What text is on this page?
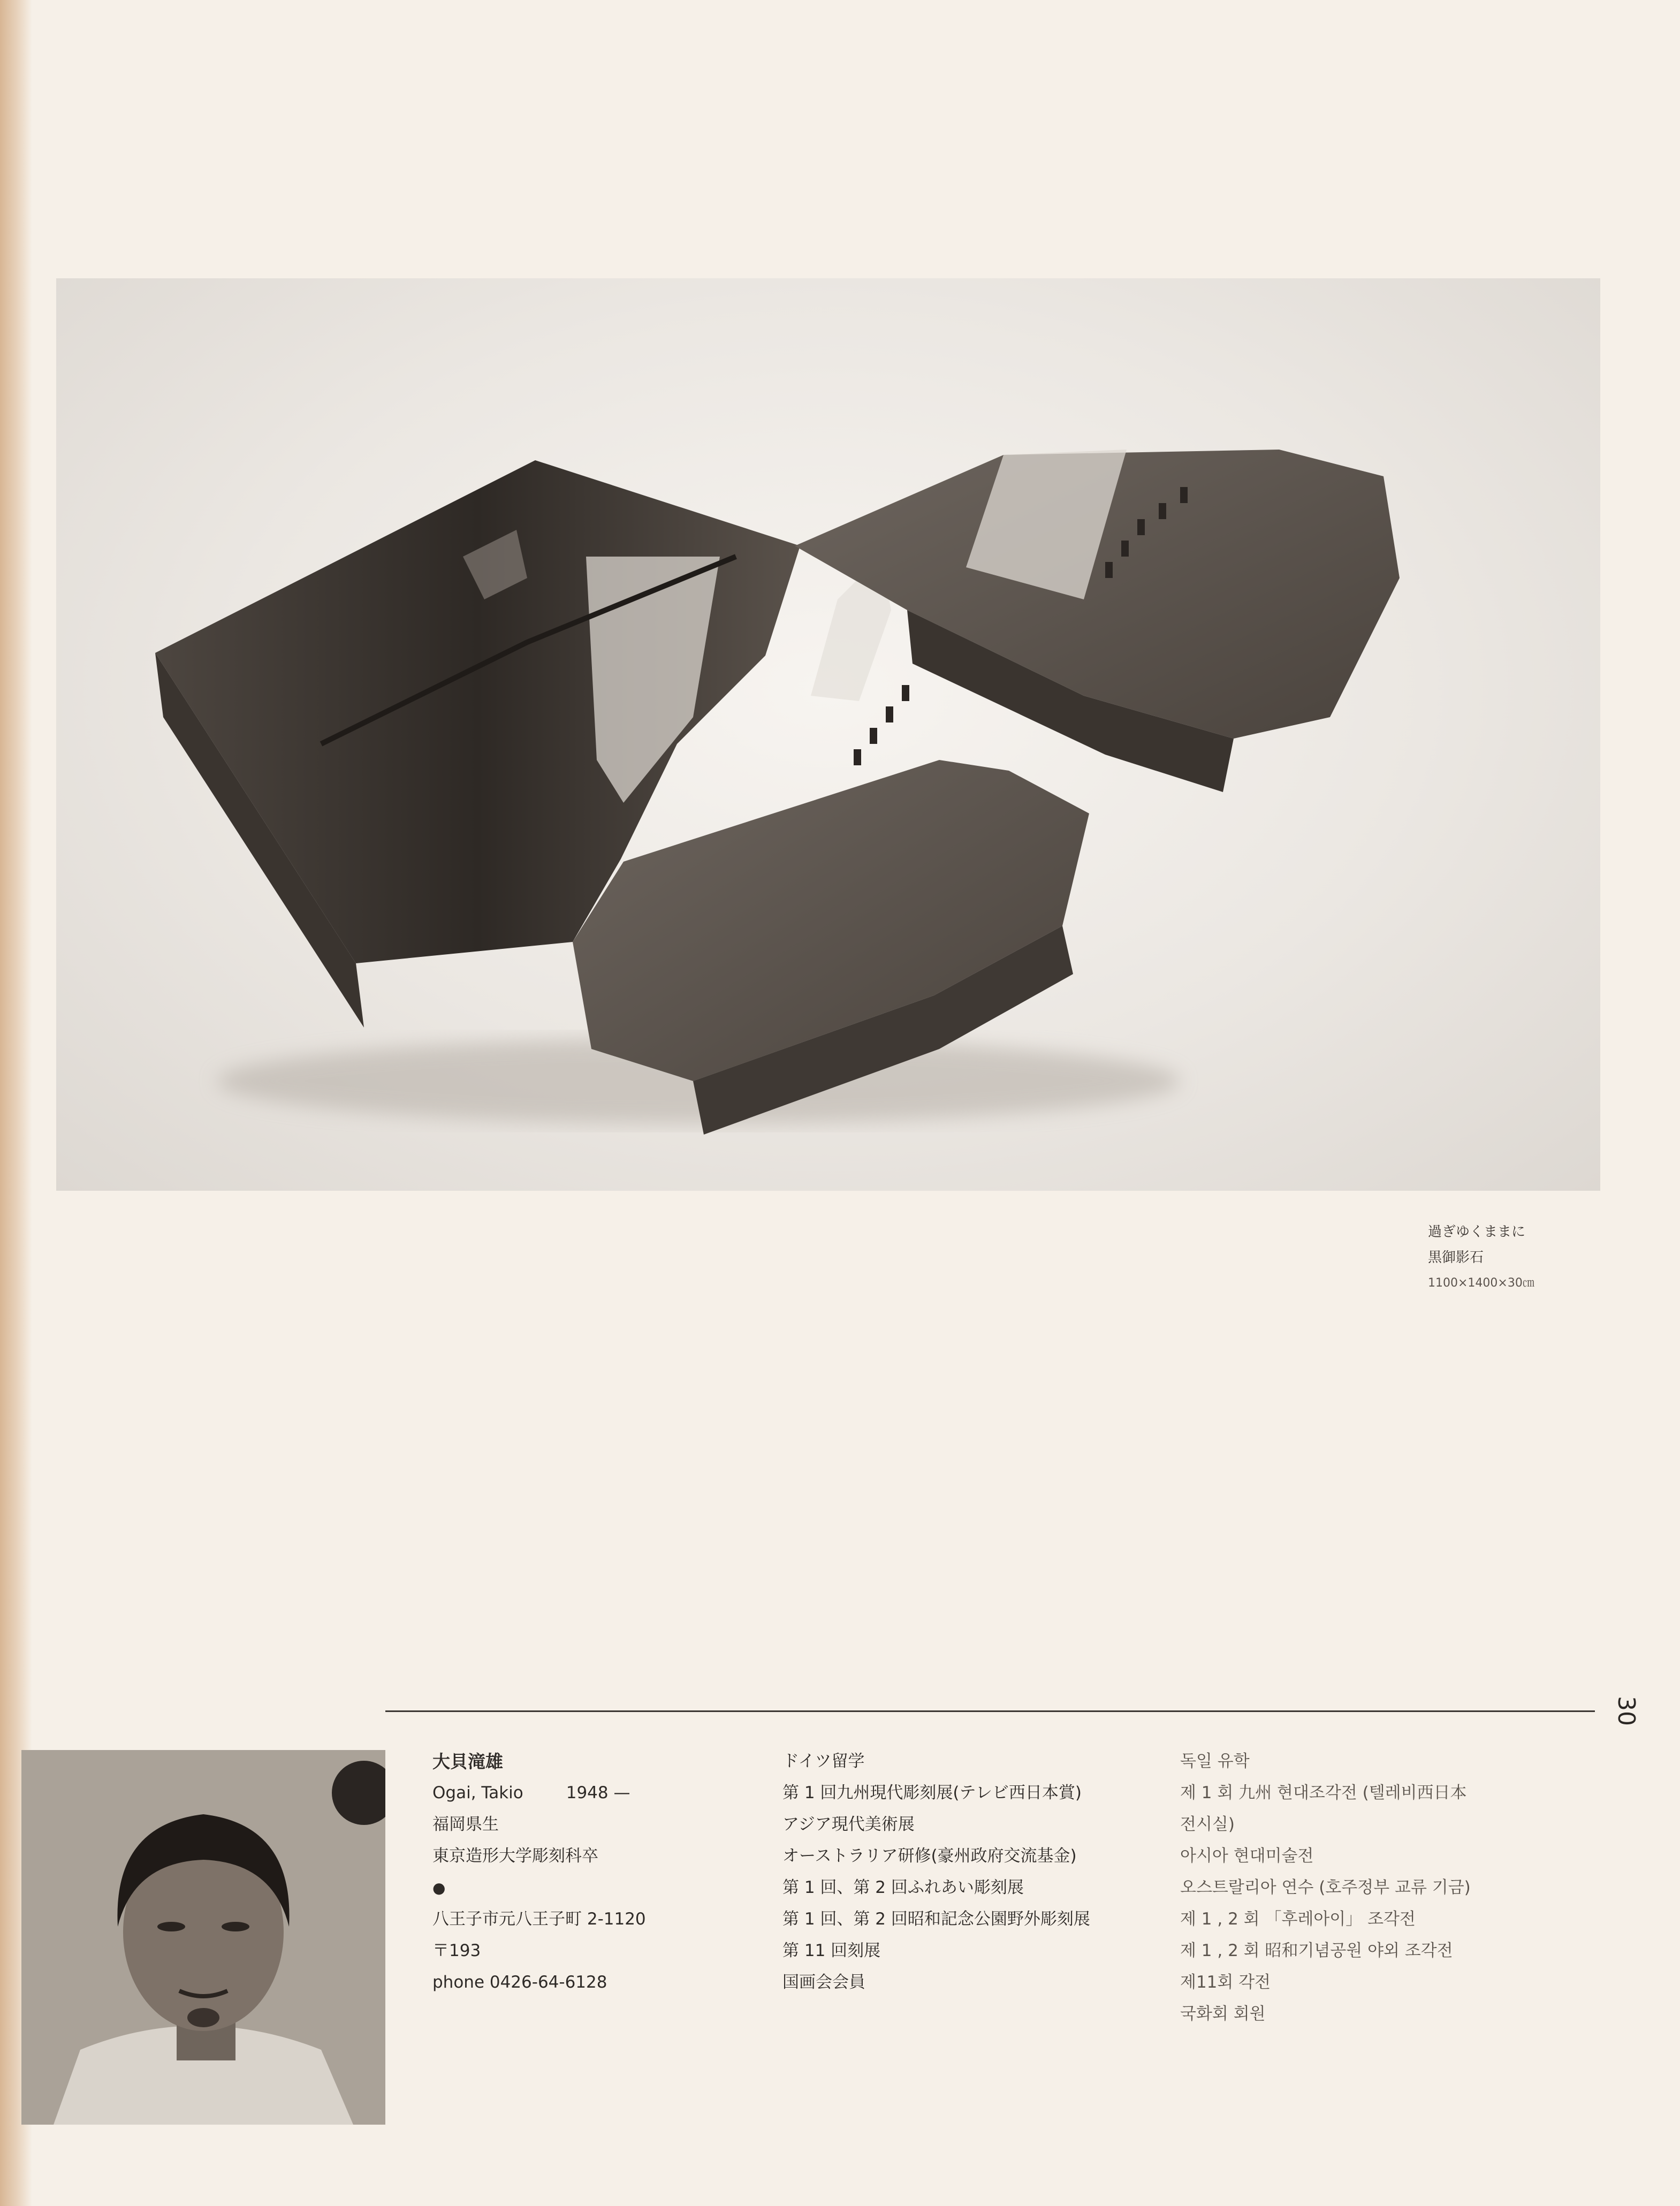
過ぎゆくままに
黒御影石
1100×1400×30㎝
30
大貝滝雄
Ogai, Takio	1948 —
福岡県生
東京造形大学彫刻科卒
●
八王子市元八王子町 2-1120
〒193
phone 0426-64-6128
ドイツ留学
第 1 回九州現代彫刻展(テレビ西日本賞)
アジア現代美術展
オーストラリア研修(豪州政府交流基金)
第 1 回、第 2 回ふれあい彫刻展
第 1 回、第 2 回昭和記念公園野外彫刻展
第 11 回刻展
国画会会員
독일 유학
제 1 회 九州 현대조각전 (텔레비西日本
전시실)
아시아 현대미술전
오스트랄리아 연수 (호주정부 교류 기금)
제 1 , 2 회 「후레아이」 조각전
제 1 , 2 회 昭和기념공원 야외 조각전
제11회 각전
국화회 회원
